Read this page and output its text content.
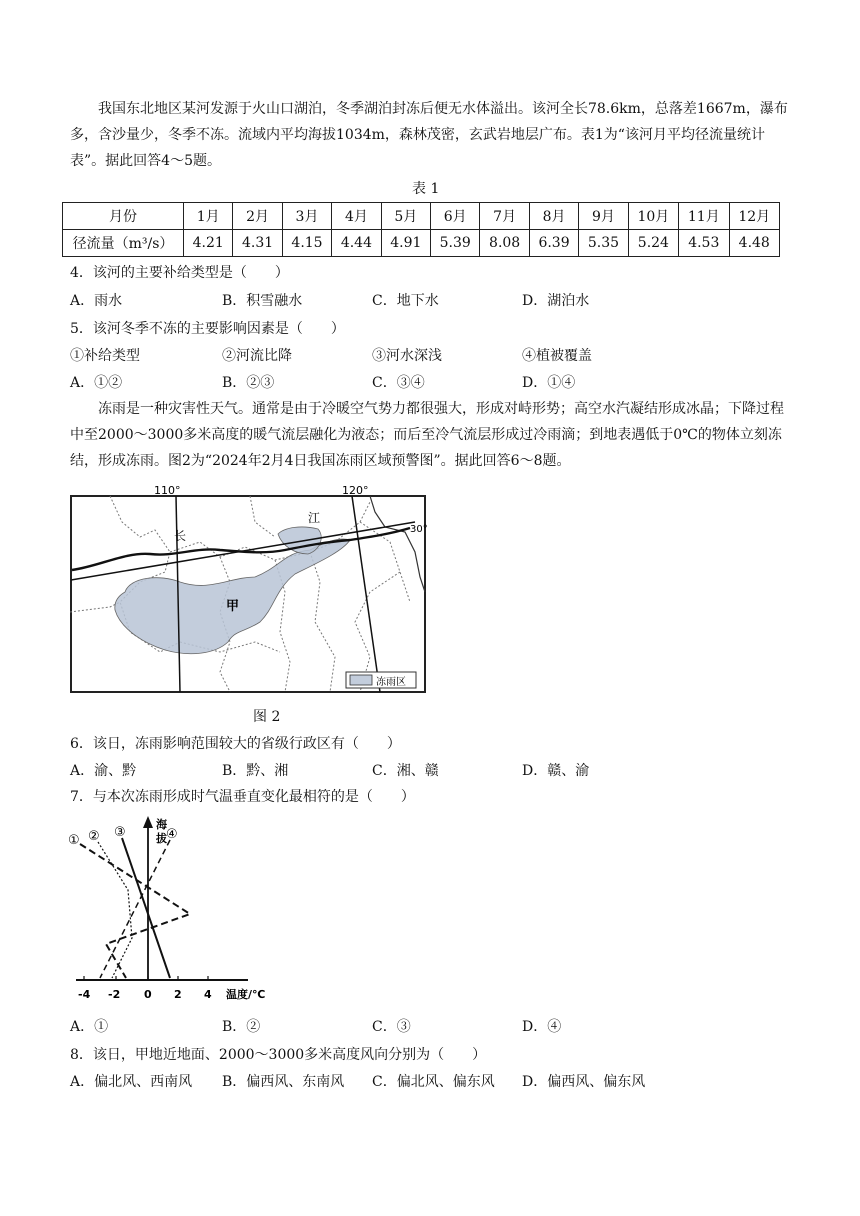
我国东北地区某河发源于火山口湖泊，冬季湖泊封冻后便无水体溢出。该河全长78.6km，总落差1667m，瀑布多，含沙量少，冬季不冻。流域内平均海拔1034m，森林茂密，玄武岩地层广布。表1为“该河月平均径流量统计表”。据此回答4～5题。
表 1
月份	1月	2月	3月	4月	5月	6月	7月	8月	9月	10月	11月	12月
径流量（m³/s）	4.21	4.31	4.15	4.44	4.91	5.39	8.08	6.39	5.35	5.24	4.53	4.48
4．该河的主要补给类型是（　　）
A．雨水	B．积雪融水	C．地下水	D．湖泊水
5．该河冬季不冻的主要影响因素是（　　）
①补给类型	②河流比降	③河水深浅	④植被覆盖
A．①②	B．②③	C．③④	D．①④
冻雨是一种灾害性天气。通常是由于冷暖空气势力都很强大，形成对峙形势；高空水汽凝结形成冰晶；下降过程中至2000～3000多米高度的暖气流层融化为液态；而后至冷气流层形成过冷雨滴；到地表遇低于0℃的物体立刻冻结，形成冻雨。图2为“2024年2月4日我国冻雨区域预警图”。据此回答6～8题。
110°	120°
30°
长
江
甲
冻雨区
图 2
6．该日，冻雨影响范围较大的省级行政区有（　　）
A．渝、黔	B．黔、湘	C．湘、赣	D．赣、渝
7．与本次冻雨形成时气温垂直变化最相符的是（　　）
-4 -2 0 2 4 温度/℃
海
拔
① ② ③	④
A．①	B．②	C．③	D．④
8．该日，甲地近地面、2000～3000多米高度风向分别为（　　）
A．偏北风、西南风 B．偏西风、东南风 C．偏北风、偏东风 D．偏西风、偏东风
